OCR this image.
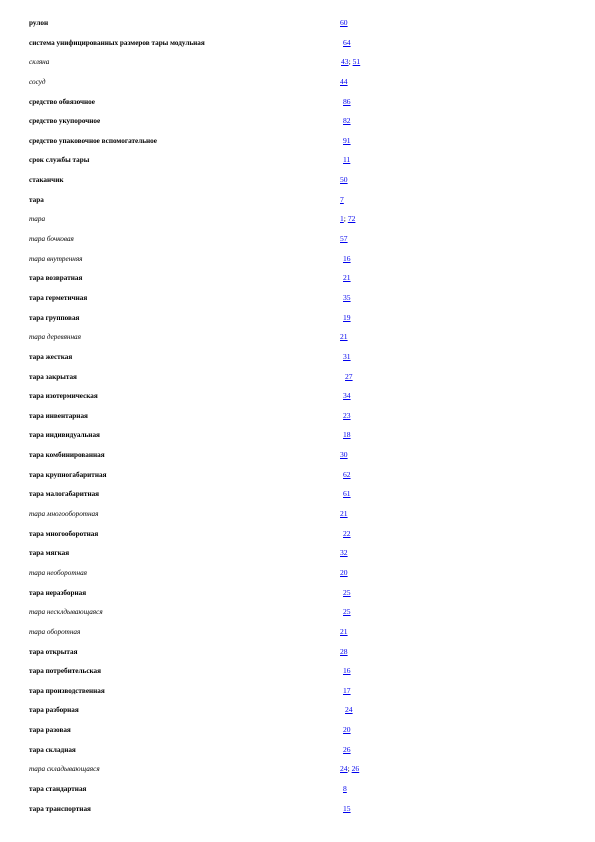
рулон	60
система унифицированных размеров тары модульная	64
скляна	43; 51
сосуд	44
средство обвязочное	86
средство укупорочное	82
средство упаковочное вспомогательное	91
срок службы тары	11
стаканчик	50
тара	7
тара	1; 72
тара бочковая	57
тара внутренняя	16
тара возвратная	21
тара герметичная	35
тара групповая	19
тара деревянная	21
тара жесткая	31
тара закрытая	27
тара изотермическая	34
тара инвентарная	23
тара индивидуальная	18
тара комбинированная	30
тара крупногабаритная	62
тара малогабаритная	61
тара многооборотная	21
тара многооборотная	22
тара мягкая	32
тара необоротная	20
тара неразборная	25
тара несклдывающаяся	25
тара оборотная	21
тара открытая	28
тара потребительская	16
тара производственная	17
тара разборная	24
тара разовая	20
тара складная	26
тара складывающаяся	24; 26
тара стандартная	8
тара транспортная	15
